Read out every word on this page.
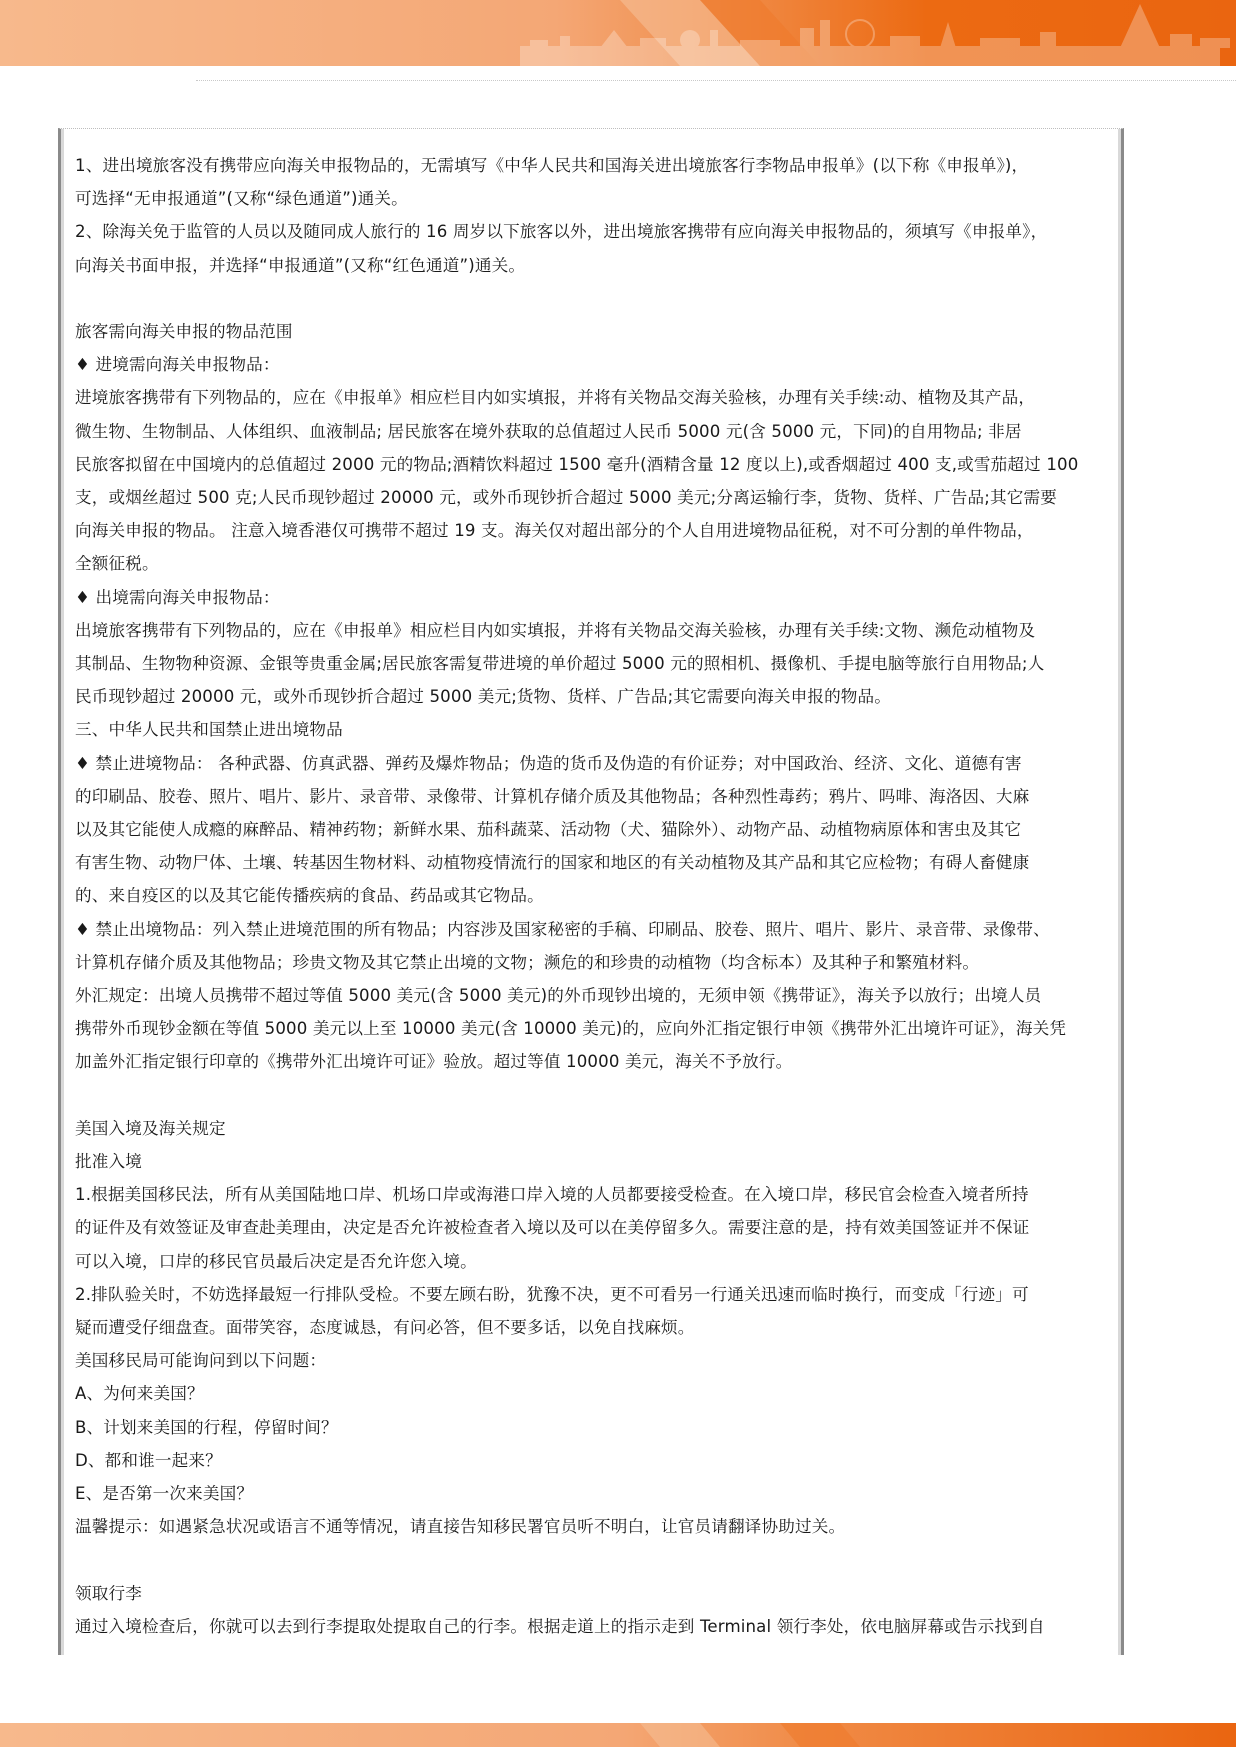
1、进出境旅客没有携带应向海关申报物品的，无需填写《中华人民共和国海关进出境旅客行李物品申报单》(以下称《申报单》)，

可选择“无申报通道”(又称“绿色通道”)通关。

2、除海关免于监管的人员以及随同成人旅行的 16 周岁以下旅客以外，进出境旅客携带有应向海关申报物品的，须填写《申报单》，

向海关书面申报，并选择“申报通道”(又称“红色通道”)通关。

旅客需向海关申报的物品范围

♦ 进境需向海关申报物品：

进境旅客携带有下列物品的，应在《申报单》相应栏目内如实填报，并将有关物品交海关验核，办理有关手续:动、植物及其产品，

微生物、生物制品、人体组织、血液制品; 居民旅客在境外获取的总值超过人民币 5000 元(含 5000 元，下同)的自用物品; 非居

民旅客拟留在中国境内的总值超过 2000 元的物品;酒精饮料超过 1500 毫升(酒精含量 12 度以上),或香烟超过 400 支,或雪茄超过 100

支，或烟丝超过 500 克;人民币现钞超过 20000 元，或外币现钞折合超过 5000 美元;分离运输行李，货物、货样、广告品;其它需要

向海关申报的物品。 注意入境香港仅可携带不超过 19 支。海关仅对超出部分的个人自用进境物品征税，对不可分割的单件物品，

全额征税。

♦ 出境需向海关申报物品：

出境旅客携带有下列物品的，应在《申报单》相应栏目内如实填报，并将有关物品交海关验核，办理有关手续:文物、濒危动植物及

其制品、生物物种资源、金银等贵重金属;居民旅客需复带进境的单价超过 5000 元的照相机、摄像机、手提电脑等旅行自用物品;人

民币现钞超过 20000 元，或外币现钞折合超过 5000 美元;货物、货样、广告品;其它需要向海关申报的物品。

三、中华人民共和国禁止进出境物品

♦ 禁止进境物品： 各种武器、仿真武器、弹药及爆炸物品；伪造的货币及伪造的有价证券；对中国政治、经济、文化、道德有害

的印刷品、胶卷、照片、唱片、影片、录音带、录像带、计算机存储介质及其他物品；各种烈性毒药；鸦片、吗啡、海洛因、大麻

以及其它能使人成瘾的麻醉品、精神药物；新鲜水果、茄科蔬菜、活动物（犬、猫除外）、动物产品、动植物病原体和害虫及其它

有害生物、动物尸体、土壤、转基因生物材料、动植物疫情流行的国家和地区的有关动植物及其产品和其它应检物；有碍人畜健康

的、来自疫区的以及其它能传播疾病的食品、药品或其它物品。

♦ 禁止出境物品：列入禁止进境范围的所有物品；内容涉及国家秘密的手稿、印刷品、胶卷、照片、唱片、影片、录音带、录像带、

计算机存储介质及其他物品；珍贵文物及其它禁止出境的文物；濒危的和珍贵的动植物（均含标本）及其种子和繁殖材料。

外汇规定：出境人员携带不超过等值 5000 美元(含 5000 美元)的外币现钞出境的，无须申领《携带证》，海关予以放行；出境人员

携带外币现钞金额在等值 5000 美元以上至 10000 美元(含 10000 美元)的，应向外汇指定银行申领《携带外汇出境许可证》，海关凭

加盖外汇指定银行印章的《携带外汇出境许可证》验放。超过等值 10000 美元，海关不予放行。

美国入境及海关规定

批准入境

1.根据美国移民法，所有从美国陆地口岸、机场口岸或海港口岸入境的人员都要接受检查。在入境口岸，移民官会检查入境者所持

的证件及有效签证及审查赴美理由，决定是否允许被检查者入境以及可以在美停留多久。需要注意的是，持有效美国签证并不保证

可以入境，口岸的移民官员最后决定是否允许您入境。

2.排队验关时，不妨选择最短一行排队受检。不要左顾右盼，犹豫不决，更不可看另一行通关迅速而临时换行，而变成「行迹」可

疑而遭受仔细盘查。面带笑容，态度诚恳，有问必答，但不要多话，以免自找麻烦。

美国移民局可能询问到以下问题：

A、为何来美国？

B、计划来美国的行程，停留时间？

D、都和谁一起来？

E、是否第一次来美国？

温馨提示：如遇紧急状况或语言不通等情况，请直接告知移民署官员听不明白，让官员请翻译协助过关。

领取行李

通过入境检查后，你就可以去到行李提取处提取自己的行李。根据走道上的指示走到 Terminal 领行李处，依电脑屏幕或告示找到自
